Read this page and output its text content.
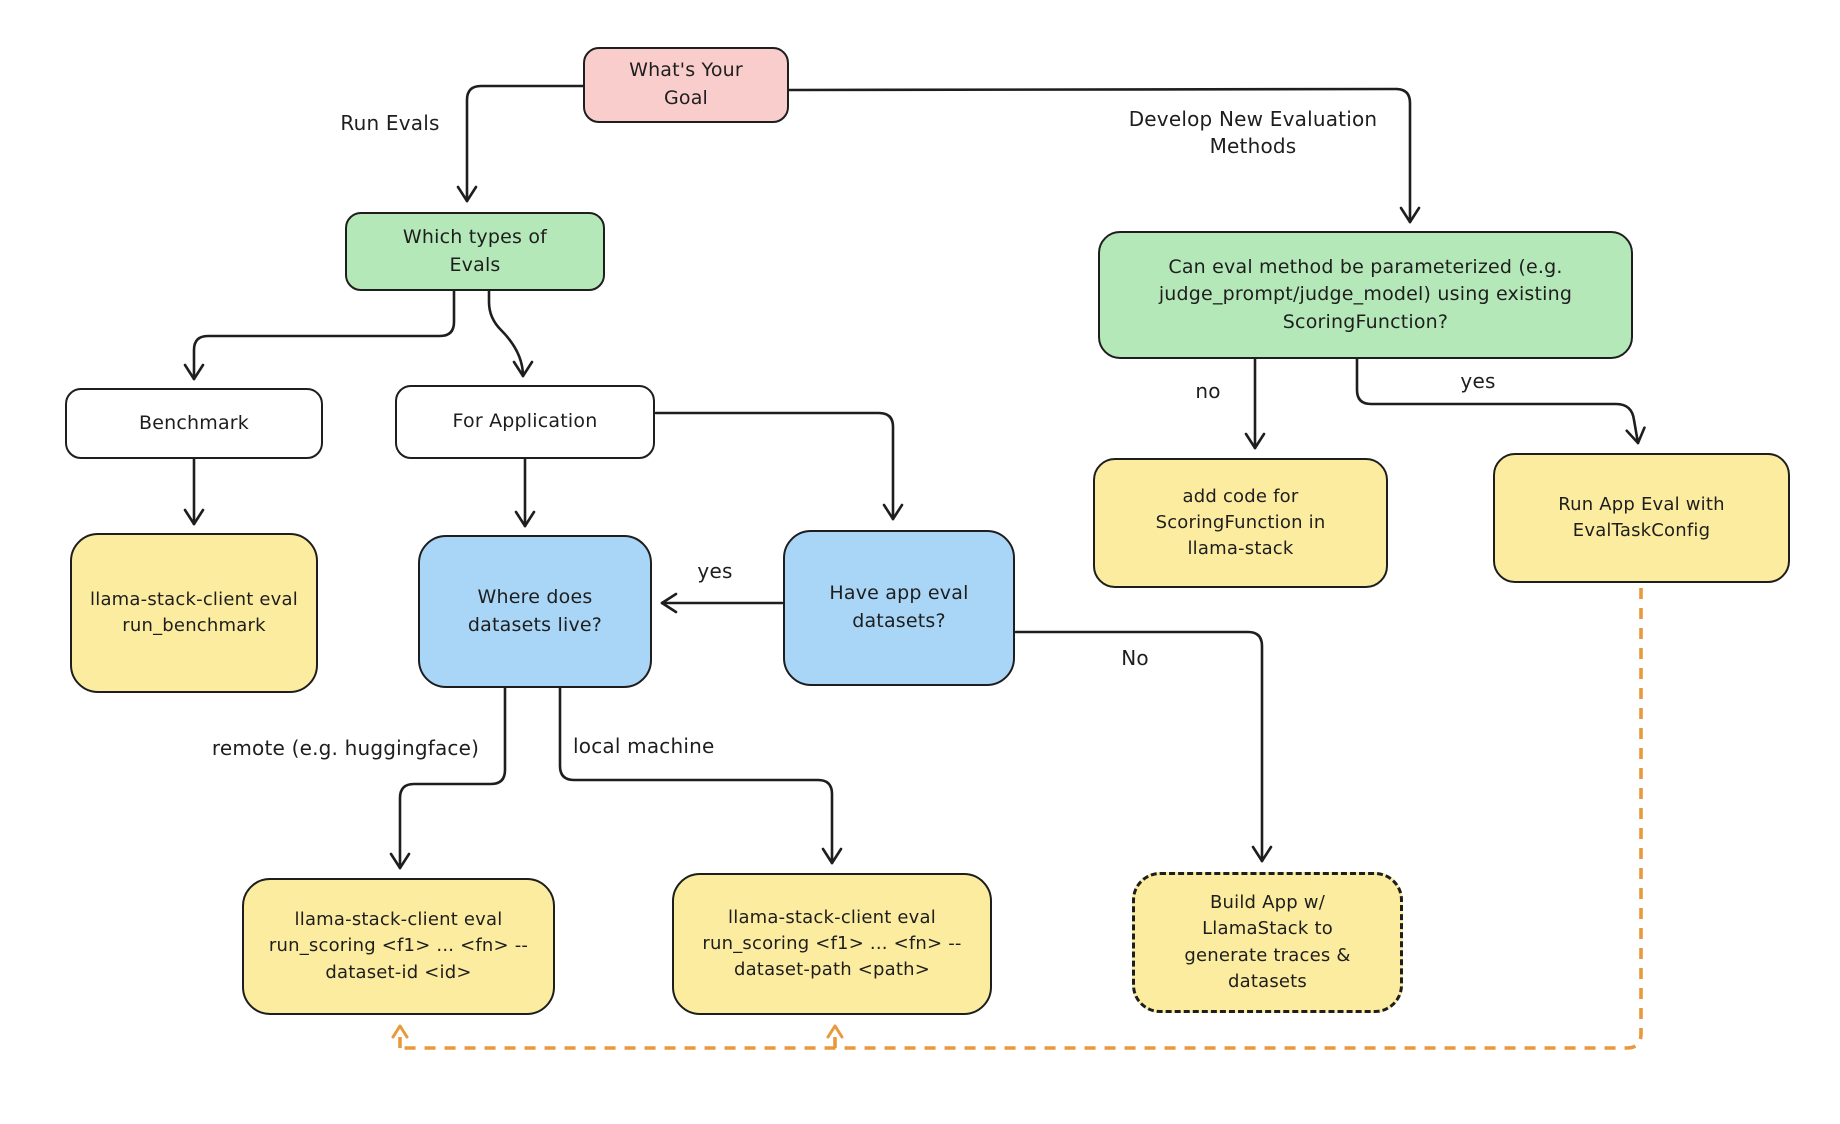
What's Your Goal
Which types of Evals
Benchmark	For Application
llama-stack-client eval run_benchmark
Where does datasets live?
Have app eval datasets?
Can eval method be parameterized (e.g. judge_prompt/judge_model) using existing ScoringFunction?
add code for ScoringFunction in llama-stack
Run App Eval with EvalTaskConfig
llama-stack-client eval run_scoring <f1> ... <fn> --dataset-id <id>
llama-stack-client eval run_scoring <f1> ... <fn> --dataset-path <path>
Build App w/ LlamaStack to generate traces & datasets
Run Evals	Develop New Evaluation Methods
yes
No
no	yes
remote (e.g. huggingface)	local machine
